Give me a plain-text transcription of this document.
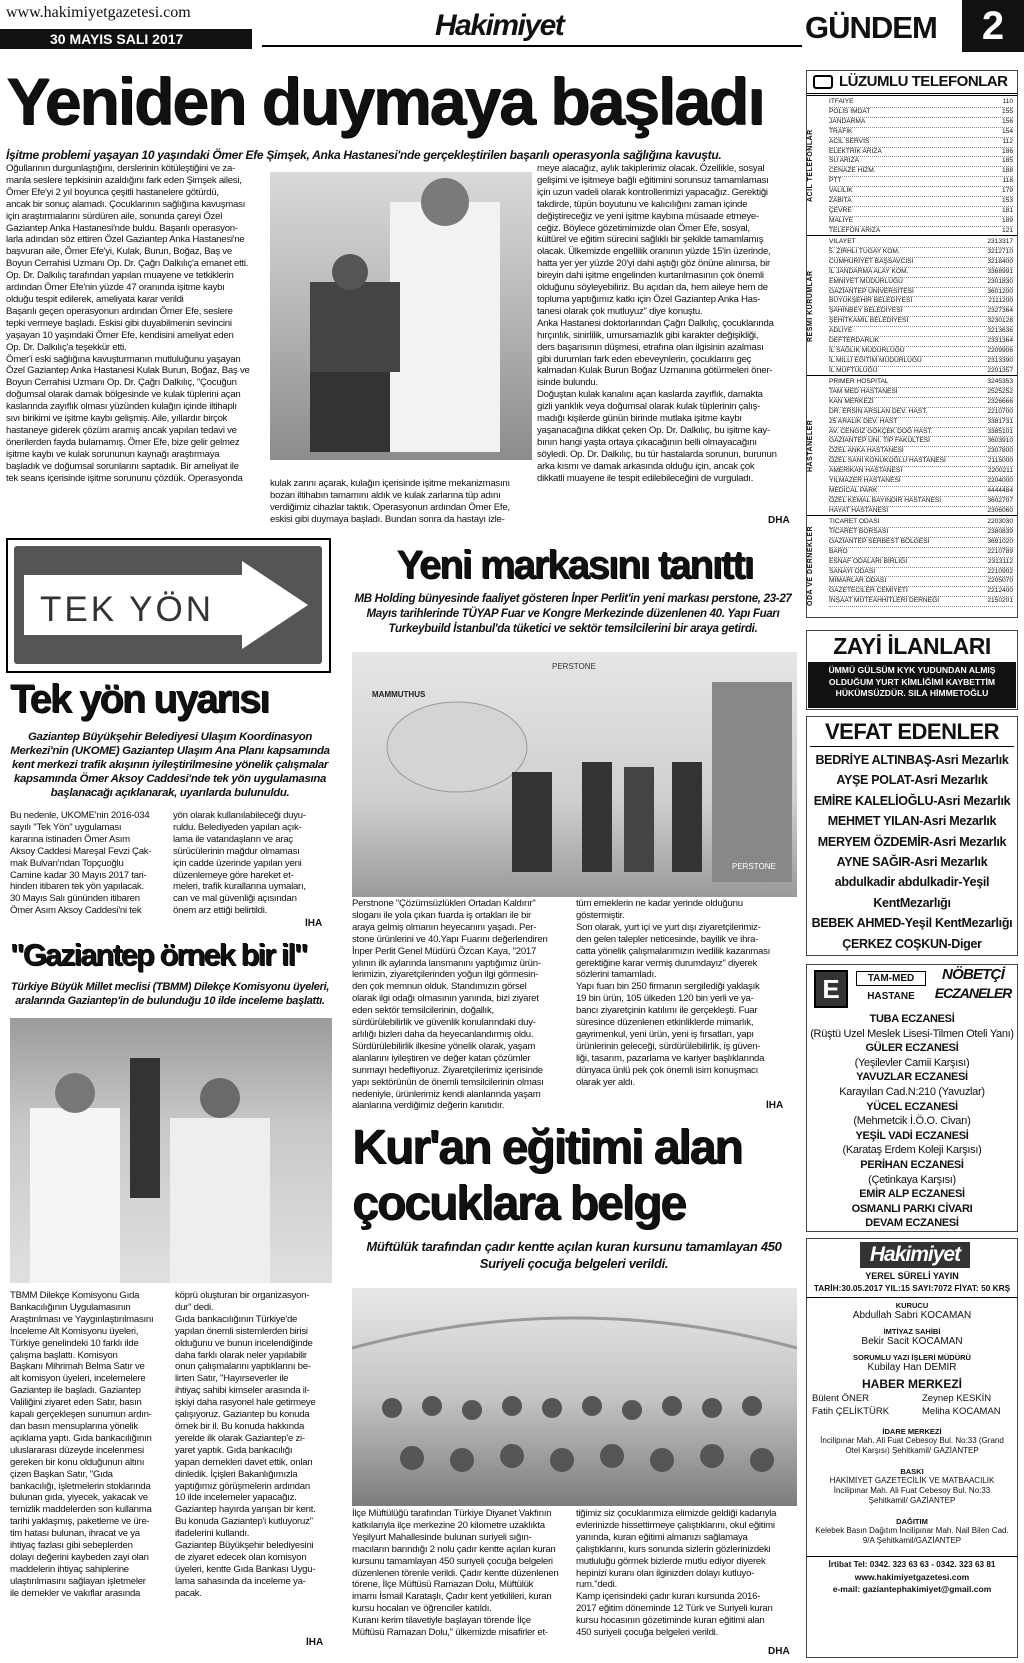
www.hakimiyetgazetesi.com
30 MAYIS SALI 2017	Hakimiyet	GÜNDEM	2
Yeniden duymaya başladı
İşitme problemi yaşayan 10 yaşındaki Ömer Efe Şimşek, Anka Hastanesi'nde gerçekleştirilen başarılı operasyonla sağlığına kavuştu.
Oğullarının durgunlaştığını, derslerinin kötüleştiğini ve za-
manla seslere tepkisinin azaldığını fark eden Şimşek ailesi,
Ömer Efe'yi 2 yıl boyunca çeşitli hastanelere götürdü,
ancak bir sonuç alamadı. Çocuklarının sağlığına kavuşması
için araştırmalarını sürdüren aile, sonunda çareyi Özel
Gaziantep Anka Hastanesi'nde buldu. Başarılı operasyon-
larla adından söz ettiren Özel Gaziantep Anka Hastanesi'ne
başvuran aile, Ömer Efe'yi, Kulak, Burun, Boğaz, Baş ve
Boyun Cerrahisi Uzmanı Op. Dr. Çağrı Dalkılıç'a emanet etti.
Op. Dr. Dalkılıç tarafından yapılan muayene ve tetkiklerin
ardından Ömer Efe'nin yüzde 47 oranında işitme kaybı
olduğu tespit edilerek, ameliyata karar verildi
Başarılı geçen operasyonun ardından Ömer Efe, seslere
tepki vermeye başladı. Eskisi gibi duyabilmenin sevincini
yaşayan 10 yaşındaki Ömer Efe, kendisini ameliyat eden
Op. Dr. Dalkılıç'a teşekkür etti.
Ömer'i eski sağlığına kavuşturmanın mutluluğunu yaşayan
Özel Gaziantep Anka Hastanesi Kulak Burun, Boğaz, Baş ve
Boyun Cerrahisi Uzmanı Op. Dr. Çağrı Dalkılıç, "Çocuğun
doğumsal olarak damak bölgesinde ve kulak tüplerini açan
kaslarında zayıflık olması yüzünden kulağın içinde iltihaplı
sıvı birikimi ve işitme kaybı gelişmiş. Aile, yıllardır birçok
hastaneye giderek çözüm aramış ancak yapılan tedavi ve
önerilerden fayda bulamamış. Ömer Efe, bize gelir gelmez
işitme kaybı ve kulak sorununun kaynağı araştırmaya
başladık ve doğumsal sorunlarını saptadık. Bir ameliyat ile
tek seans içerisinde işitme sorununu çözdük. Operasyonda	kulak zarını açarak, kulağın içerisinde işitme mekanizmasını
bozan iltihabın tamamını aldık ve kulak zarlarına tüp adını
verdiğimiz cihazlar taktık. Operasyonun ardından Ömer Efe,
eskisi gibi duymaya başladı. Bundan sonra da hastayı izle-
meye alacağız, aylık takiplerimiz olacak. Özellikle, sosyal
gelişimi ve işitmeye bağlı eğitimini sorunsuz tamamlaması
için uzun vadeli olarak kontrollerimizi yapacağız. Gerektiği
takdirde, tüpün boyutunu ve kalıcılığını zaman içinde
değiştireceğiz ve yeni işitme kaybına müsaade etmeye-
ceğiz. Böylece gözetimimizde olan Ömer Efe, sosyal,
kültürel ve eğitim sürecini sağlıklı bir şekilde tamamlamış
olacak. Ülkemizde engellilik oranının yüzde 15'in üzerinde,
hatta yer yer yüzde 20'yi dahi aştığı göz önüne alınırsa, bir
bireyin dahi işitme engelinden kurtarılmasının çok önemli
olduğunu söyleyebiliriz. Bu açıdan da, hem aileye hem de
topluma yaptığımız katkı için Özel Gaziantep Anka Has-
tanesi olarak çok mutluyuz" diye konuştu.
Anka Hastanesi doktorlarından Çağrı Dalkılıç, çocuklarında
hırçınlık, sinirlilik, umursamazlık gibi karakter değişikliği,
ders başarısının düşmesi, etrafına olan ilgisinin azalması
gibi durumları fark eden ebeveynlerin, çocuklarını geç
kalmadan Kulak Burun Boğaz Uzmanına götürmeleri öner-
isinde bulundu.
Doğuştan kulak kanalını açan kaslarda zayıflık, damakta
gizli yarıklık veya doğumsal olarak kulak tüplerinin çalış-
madığı kişilerde günün birinde mutlaka işitme kaybı
yaşanacağına dikkat çeken Op. Dr. Dalkılıç, bu işitme kay-
bının hangi yaşta ortaya çıkacağının belli olmayacağını
söyledi. Op. Dr. Dalkılıç, bu tür hastalarda sorunun, burunun
arka kısmı ve damak arkasında olduğu için, ancak çok
dikkatli muayene ile tespit edilebileceğini de vurguladı.
DHA
LÜZUMLU TELEFONLAR
ACİL TELEFONLAR
İTFAİYE	110
POLİS İMDAT	155
JANDARMA	156
TRAFİK	154
ACİL SERVİS	112
ELEKTRİK ARIZA	186
SU ARIZA	185
CENAZE HİZM.	188
PTT	118
VALİLİK	179
ZABITA	153
ÇEVRE	181
MALİYE	189
TELEFON ARIZA	121
RESMİ KURUMLAR
VİLAYET	2313317
5. ZIRHLI TUGAY KOM.	3212710
CUMHURİYET BAŞSAVCISI	3218400
İL JANDARMA ALAY KOM.	3368991
EMNİYET MÜDÜRLÜĞÜ	2301830
GAZİANTEP ÜNİVERSİTESİ	3601200
BÜYÜKŞEHİR BELEDİYESİ	2111200
ŞAHİNBEY BELEDİYESİ	2327364
ŞEHİTKAMİL BELEDİYESİ	3230128
ADLİYE	3213636
DEFTERDARLIK	2331364
İL SAĞLIK MÜDÜRLÜĞÜ	2209906
İL MİLLİ EĞİTİM MÜDÜRLÜĞÜ	2313390
İL MÜFTÜLÜĞÜ	2201357
HASTANELER
PRİMER HOSPITAL	3245353
TAM MED HASTANESİ	2525252
KAN MERKEZİ	2326666
DR. ERSİN ARSLAN DEV. HAST.	2210700
25 ARALIK DEV. HAST	3381731
AV. CENGİZ GÖKÇEK DOĞ HAST.	3385101
GAZİANTEP ÜNİ. TIP FAKÜLTESİ	3603910
ÖZEL ANKA HASTANESİ	2307800
ÖZEL SANİ KONUKOĞLU HASTANESİ	2115000
AMERİKAN HASTANESİ	2200211
YILMAZER HASTANESİ	2204000
MEDICAL PARK	4444484
ÖZEL KEMAL BAYINDIR HASTANESİ	3602707
HAYAT HASTANESİ	2306060
ODA VE DERNEKLER
TİCARET ODASI	2203030
TİCARET BORSASI	2380839
GAZİANTEP SERBEST BÖLGESİ	3691020
BARO	2210789
ESNAF ODALARI BİRLİĞİ	2313112
SANAYİ ODASI	2210902
MİMARLAR ODASI	2205070
GAZETECİLER CEMİYETİ	2212400
İNŞAAT MÜTEAHHİTLERİ DERNEĞİ	2150201
TEK YÖN
Tek yön uyarısı
Gaziantep Büyükşehir Belediyesi Ulaşım Koordinasyon Merkezi'nin (UKOME) Gaziantep Ulaşım Ana Planı kapsamında kent merkezi trafik akışının iyileştirilmesine yönelik çalışmalar kapsamında Ömer Aksoy Caddesi'nde tek yön uygulamasına başlanacağı açıklanarak, uyarılarda bulunuldu.
Bu nedenle, UKOME'nin 2016-034
sayılı "Tek Yön" uygulaması
kararına istinaden Ömer Asım
Aksoy Caddesi Mareşal Fevzi Çak-
mak Bulvarı'ndan Topçuoğlu
Camine kadar 30 Mayıs 2017 tari-
hinden itibaren tek yön yapılacak.
30 Mayıs Salı gününden itibaren
Ömer Asım Aksoy Caddesi'ni tek
yön olarak kullanılabileceği duyu-
ruldu. Belediyeden yapılan açık-
lama ile vatandaşların ve araç
sürücülerinin mağdur olmaması
için cadde üzerinde yapılan yeni
düzenlemeye göre hareket et-
meleri, trafik kurallarına uymaları,
can ve mal güvenliği açısından
önem arz ettiği belirtildi.
İHA
Yeni markasını tanıttı
MB Holding bünyesinde faaliyet gösteren İnper Perlit'in yeni markası perstone, 23-27 Mayıs tarihlerinde TÜYAP Fuar ve Kongre Merkezinde düzenlenen 40. Yapı Fuarı Turkeybuild İstanbul'da tüketici ve sektör temsilcilerini bir araya getirdi.
MAMMUTHUS
PERSTONE
PERSTONE
Perstnone "Çözümsüzlükleri Ortadan Kaldırır"
sloganı ile yola çıkan fuarda iş ortakları ile bir
araya gelmiş olmanın heyecanını yaşadı. Per-
stone ürünlerini ve 40.Yapı Fuarını değerlendiren
İnper Perlit Genel Müdürü Özcan Kaya, "2017
yılının ilk aylarında lansmanını yaptığımız ürün-
lerimizin, ziyaretçilerinden yoğun ilgi görmesin-
den çok memnun olduk. Standımızın görsel
olarak ilgi odağı olmasının yanında, bizi ziyaret
eden sektör temsilcilerinin, doğallık,
sürdürülebilirlik ve güvenlik konularındaki duy-
arlılığı bizleri daha da heyecanlandırmış oldu.
Sürdürülebilirlik ilkesine yönelik olarak, yaşam
alanlarını iyileştiren ve değer katan çözümler
sunmayı hedefliyoruz. Ziyaretçilerimiz içerisinde
yapı sektörünün de önemli temsilcilerinin olması
nedeniyle, ürünlerimiz kendi alanlarında yaşam
alanlarına verdiğimiz değerin kanıtıdır.

tüm emeklerin ne kadar yerinde olduğunu
göstermiştir.
Son olarak, yurt içi ve yurt dışı ziyaretçilerimiz-
den gelen talepler neticesinde, bayilik ve ihra-
catta yönelik çalışmalarımızın ivedilik kazanması
gerektiğine karar vermiş durumdayız'' diyerek
sözlerini tamamladı.
Yapı fuarı bin 250 firmanın sergilediği yaklaşık
19 bin ürün, 105 ülkeden 120 bin yerli ve ya-
bancı ziyaretçinin katılımı ile gerçekleşti. Fuar
süresince düzenlenen etkinliklerde mimarlık,
gayrimenkul, yeni ürün, yeni iş fırsatları, yapı
ürünlerinin geleceği, sürdürülebilirlik, iş güven-
liği, tasarım, pazarlama ve kariyer başlıklarında
dünyaca ünlü pek çok önemli isim konuşmacı
olarak yer aldı.
İHA
"Gaziantep örnek bir il"
Türkiye Büyük Millet meclisi (TBMM) Dilekçe Komisyonu üyeleri, aralarında Gaziantep'in de bulunduğu 10 ilde inceleme başlattı.
TBMM Dilekçe Komisyonu Gıda
Bankacılığının Uygulamasının
Araştırılması ve Yaygınlaştırılmasını
İnceleme Alt Komisyonu üyeleri,
Türkiye genelindeki 10 farklı ilde
çalışma başlattı. Komisyon
Başkanı Mihrimah Belma Satır ve
alt komisyon üyeleri, incelemelere
Gaziantep ile başladı. Gaziantep
Valiliğini ziyaret eden Satır, basın
kapalı gerçekleşen sunumun ardın-
dan basın mensuplarına yönelik
açıklama yaptı. Gıda bankacılığının
uluslararası düzeyde incelenmesi
gereken bir konu olduğunun altını
çizen Başkan Satır, "Gıda
bankacılığı, işletmelerin stoklarında
bulunan gıda, yiyecek, yakacak ve
temizlik maddelerden son kullanma
tarihi yaklaşmış, paketleme ve üre-
tim hatası bulunan, ihracat ve ya
ihtiyaç fazlası gibi sebeplerden
dolayı değerini kaybeden zayi olan
maddelerin ihtiyaç sahiplerine
ulaştırılmasını sağlayan işletmeler
ile dernekler ve vakıflar arasında
köprü oluşturan bir organizasyon-
dur" dedi.
Gıda bankacılığının Türkiye'de
yapılan önemli sistemlerden birisi
olduğunu ve bunun incelendiğinde
daha farklı olarak neler yapılabilir
onun çalışmalarını yaptıklarını be-
lirten Satır, "Hayırseverler ile
ihtiyaç sahibi kimseler arasında il-
işkiyi daha rasyonel hale getirmeye
çalışıyoruz. Gaziantep bu konuda
örnek bir il. Bu konuda hakkında
yerelde ilk olarak Gaziantep'e zi-
yaret yaptık. Gıda bankacılığı
yapan dernekleri davet ettik, onları
dinledik. İçişleri Bakanlığımızla
yaptığımız görüşmelerin ardından
10 ilde incelemeler yapacağız.
Gaziantep hayırda yarışan bir kent.
Bu konuda Gaziantep'i kutluyoruz"
ifadelerini kullandı.
Gaziantep Büyükşehir belediyesini
de ziyaret edecek olan komisyon
üyeleri, kentte Gıda Bankası Uygu-
lama sahasında da inceleme ya-
pacak.
İHA
Kur'an eğitimi alan
çocuklara belge
Müftülük tarafından çadır kentte açılan kuran kursunu tamamlayan 450 Suriyeli çocuğa belgeleri verildi.
İlçe Müftülüğü tarafından Türkiye Diyanet Vakfının
katkılarıyla ilçe merkezine 20 kilometre uzaklıkta
Yeşilyurt Mahallesinde bulunan suriyeli sığın-
macıların barındığı 2 nolu çadır kentte açılan kuran
kursunu tamamlayan 450 suriyeli çocuğa belgeleri
düzenlenen törenle verildi. Çadır kentte düzenlenen
törene, İlçe Müftüsü Ramazan Dolu, Müftülük
imamı İsmail Karataşlı, Çadır kent yetkilileri, kuran
kursu hocaları ve öğrenciler katıldı.
Kuranı kerim tilavetiyle başlayan törende İlçe
Müftüsü Ramazan Dolu," ülkemizde misafirler et-
tiğimiz siz çocuklarımıza elimizde geldiği kadarıyla
evlerinizde hissettirmeye çalıştıklarını, okul eğitimi
yanında, kuran eğitimi almanızı sağlamaya
çalıştıklarını, kurs sonunda sizlerin gözlerinizdeki
mutluluğu görmek bizlerde mutlu ediyor diyerek
hepinizi kuranı olan ilginizden dolayı kutluyo-
rum."dedi.
Kamp içerisindeki çadır kuran kursunda 2016-
2017 eğitim döneminde 12 Türk ve Suriyeli kuran
kursu hocasının gözetiminde kuran eğitimi alan
450 suriyeli çocuğa belgeleri verildi.
DHA
ZAYİ İLANLARI
ÜMMÜ GÜLSÜM KYK YUDUNDAN ALMIŞ OLDUĞUM YURT KİMLİĞİMİ KAYBETTİM HÜKÜMSÜZDÜR. SILA HİMMETOĞLU
VEFAT EDENLER
BEDRİYE ALTINBAŞ-Asri Mezarlık
AYŞE POLAT-Asri Mezarlık
EMİRE KALELİOĞLU-Asri Mezarlık
MEHMET YILAN-Asri Mezarlık
MERYEM ÖZDEMİR-Asri Mezarlık
AYNE SAĞIR-Asri Mezarlık
abdulkadir abdulkadir-Yeşil KentMezarlığı
BEBEK AHMED-Yeşil KentMezarlığı
ÇERKEZ COŞKUN-Diger
E	TAM-MED
HASTANE
NÖBETÇİ
ECZANELER
TUBA ECZANESİ
(Rüştü Uzel Meslek Lisesi-Tilmen Oteli Yanı)
GÜLER ECZANESİ
(Yeşilevler Camii Karşısı)
YAVUZLAR ECZANESİ
Karayılan Cad.N:210 (Yavuzlar)
YÜCEL ECZANESİ
(Mehmetcik İ.Ö.O. Civarı)
YEŞİL VADİ ECZANESİ
(Karataş Erdem Koleji Karşısı)
PERİHAN ECZANESİ
(Çetinkaya Karşısı)
EMİR ALP ECZANESİ
OSMANLI PARKI CİVARI
DEVAM ECZANESİ
Hakimiyet
YEREL SÜRELİ YAYIN
TARİH:30.05.2017 YIL:15 SAYI:7072 FİYAT: 50 KRŞ
KURUCU
Abdullah Sabri KOCAMAN
İMTİYAZ SAHİBİ
Bekir Sacit KOCAMAN
SORUMLU YAZI İŞLERİ MÜDÜRÜ
Kubilay Han DEMİR
HABER MERKEZİ
Bülent ÖNER	Zeynep KESKİN
Fatih ÇELİKTÜRK	Meliha KOCAMAN
İDARE MERKEZİ
İncilipınar Mah. Ali Fuat Cebesoy Bul. No:33 (Grand Otel Karşısı) Şehitkamil/ GAZİANTEP
BASKI
HAKİMİYET GAZETECİLİK VE MATBAACILIK İncilipınar Mah. Ali Fuat Cebesoy Bul. No:33 Şehitkamil/ GAZİANTEP
DAĞITIM
Kelebek Basın Dağıtım İncilipınar Mah. Nail Bilen Cad. 9/A Şehitkamil/GAZİANTEP
İrtibat Tel: 0342. 323 63 63 - 0342. 323 63 81
www.hakimiyetgazetesi.com
e-mail: gaziantephakimiyet@gmail.com
